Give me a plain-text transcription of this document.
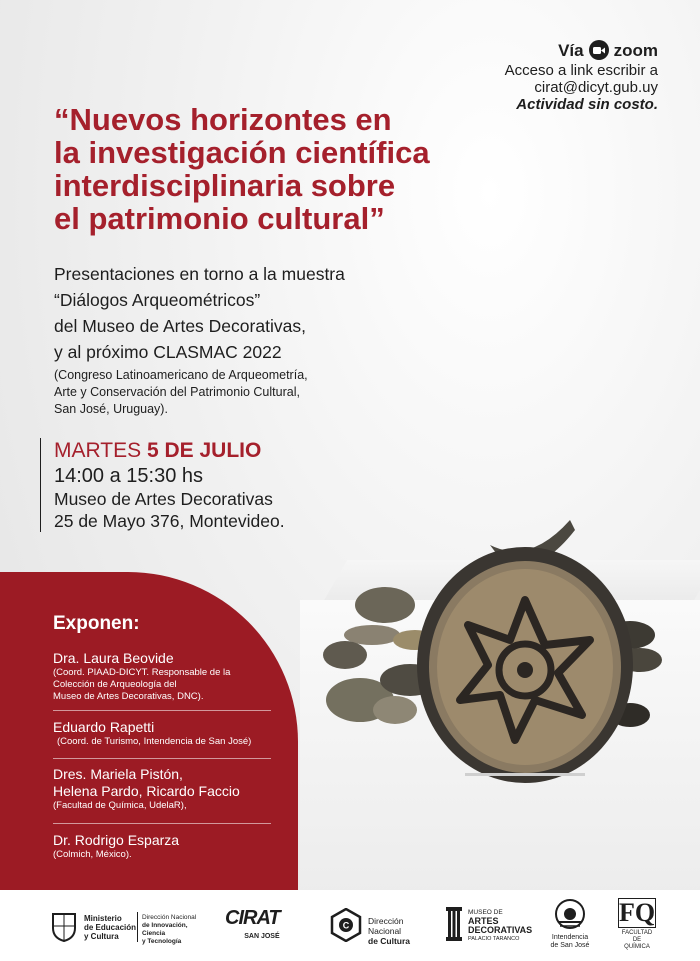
Vía zoom
Acceso a link escribir a
cirat@dicyt.gub.uy
Actividad sin costo.
“Nuevos horizontes en
la investigación científica
interdisciplinaria sobre
el patrimonio cultural”
Presentaciones en torno a la muestra
“Diálogos Arqueométricos”
del Museo de Artes Decorativas,
y al próximo CLASMAC 2022
(Congreso Latinoamericano de Arqueometría,
Arte y Conservación del Patrimonio Cultural,
San José, Uruguay).
MARTES 5 DE JULIO
14:00 a 15:30 hs
Museo de Artes Decorativas
25 de Mayo 376, Montevideo.
Exponen:
Dra. Laura Beovide
(Coord. PIAAD-DICYT. Responsable de la
Colección de Arqueología del
Museo de Artes Decorativas, DNC).
Eduardo Rapetti
(Coord. de Turismo, Intendencia de San José)
Dres. Mariela Pistón,
Helena Pardo, Ricardo Faccio
(Facultad de Química, UdelaR),
Dr. Rodrigo Esparza
(Colmich, México).
Ministerio
de Educación
y Cultura
Dirección Nacional
de Innovación, Ciencia
y Tecnología
CIRAT
SAN JOSÉ
C Dirección Nacional
de Cultura
MUSEO DE
ARTES
DECORATIVAS
PALACIO TARANCO	Intendencia
de San José
FQ
FACULTAD DE
QUÍMICA
